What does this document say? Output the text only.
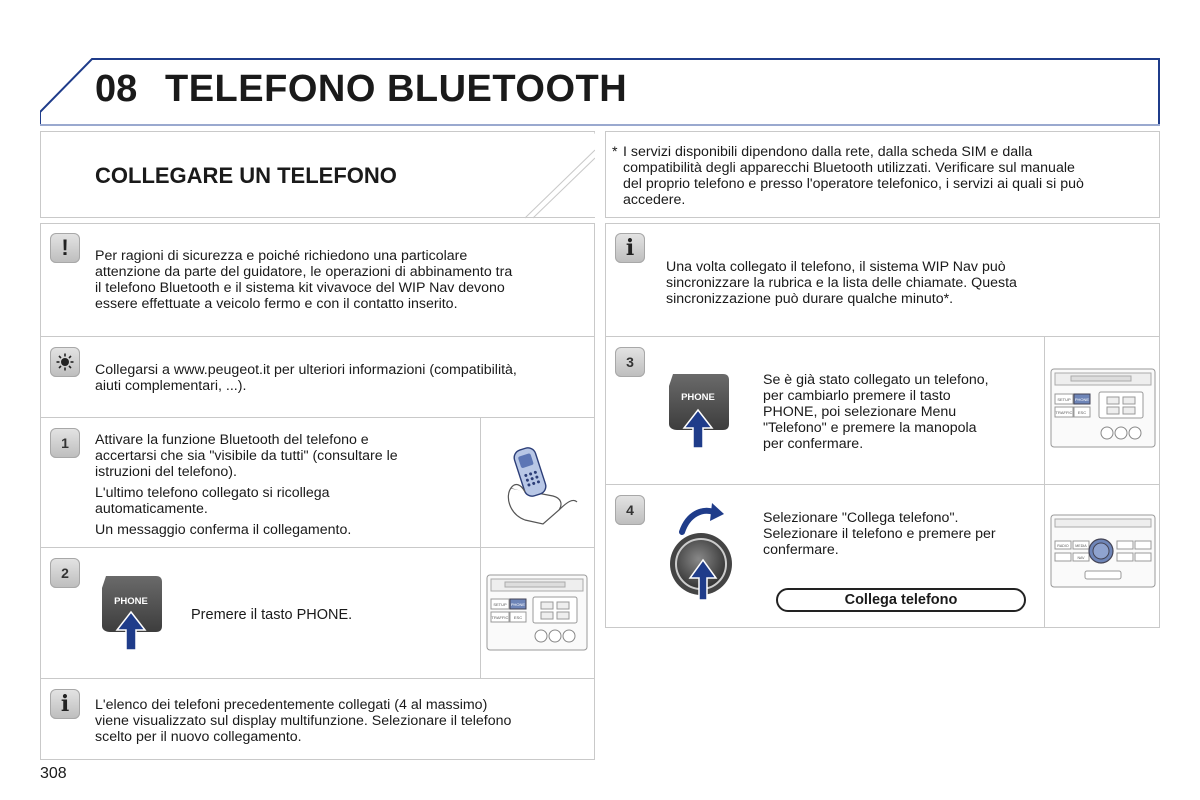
08 TELEFONO BLUETOOTH
COLLEGARE UN TELEFONO
* I servizi disponibili dipendono dalla rete, dalla scheda SIM e dalla
compatibilità degli apparecchi Bluetooth utilizzati. Verificare sul manuale
del proprio telefono e presso l'operatore telefonico, i servizi ai quali si può
accedere.
!	Per ragioni di sicurezza e poiché richiedono una particolare
attenzione da parte del guidatore, le operazioni di abbinamento tra
il telefono Bluetooth e il sistema kit vivavoce del WIP Nav devono
essere effettuate a veicolo fermo e con il contatto inserito.
Collegarsi a www.peugeot.it per ulteriori informazioni (compatibilità,
aiuti complementari, ...).
1	Attivare la funzione Bluetooth del telefono e
accertarsi che sia "visibile da tutti" (consultare le
istruzioni del telefono).
L'ultimo telefono collegato si ricollega
automaticamente.
Un messaggio conferma il collegamento.
SETUP PHONE
TRAFFIC ESC
2
PHONE
Premere il tasto PHONE.
i	L'elenco dei telefoni precedentemente collegati (4 al massimo)
viene visualizzato sul display multifunzione. Selezionare il telefono
scelto per il nuovo collegamento.
i
Una volta collegato il telefono, il sistema WIP Nav può
sincronizzare la rubrica e la lista delle chiamate. Questa
sincronizzazione può durare qualche minuto*.
SETUP PHONE
TRAFFIC ESC
3
PHONE
Se è già stato collegato un telefono,
per cambiarlo premere il tasto
PHONE, poi selezionare Menu
"Telefono" e premere la manopola
per confermare.
RADIO MEDIA
NAV
4	Selezionare "Collega telefono".
Selezionare il telefono e premere per
confermare.
Collega telefono
308
